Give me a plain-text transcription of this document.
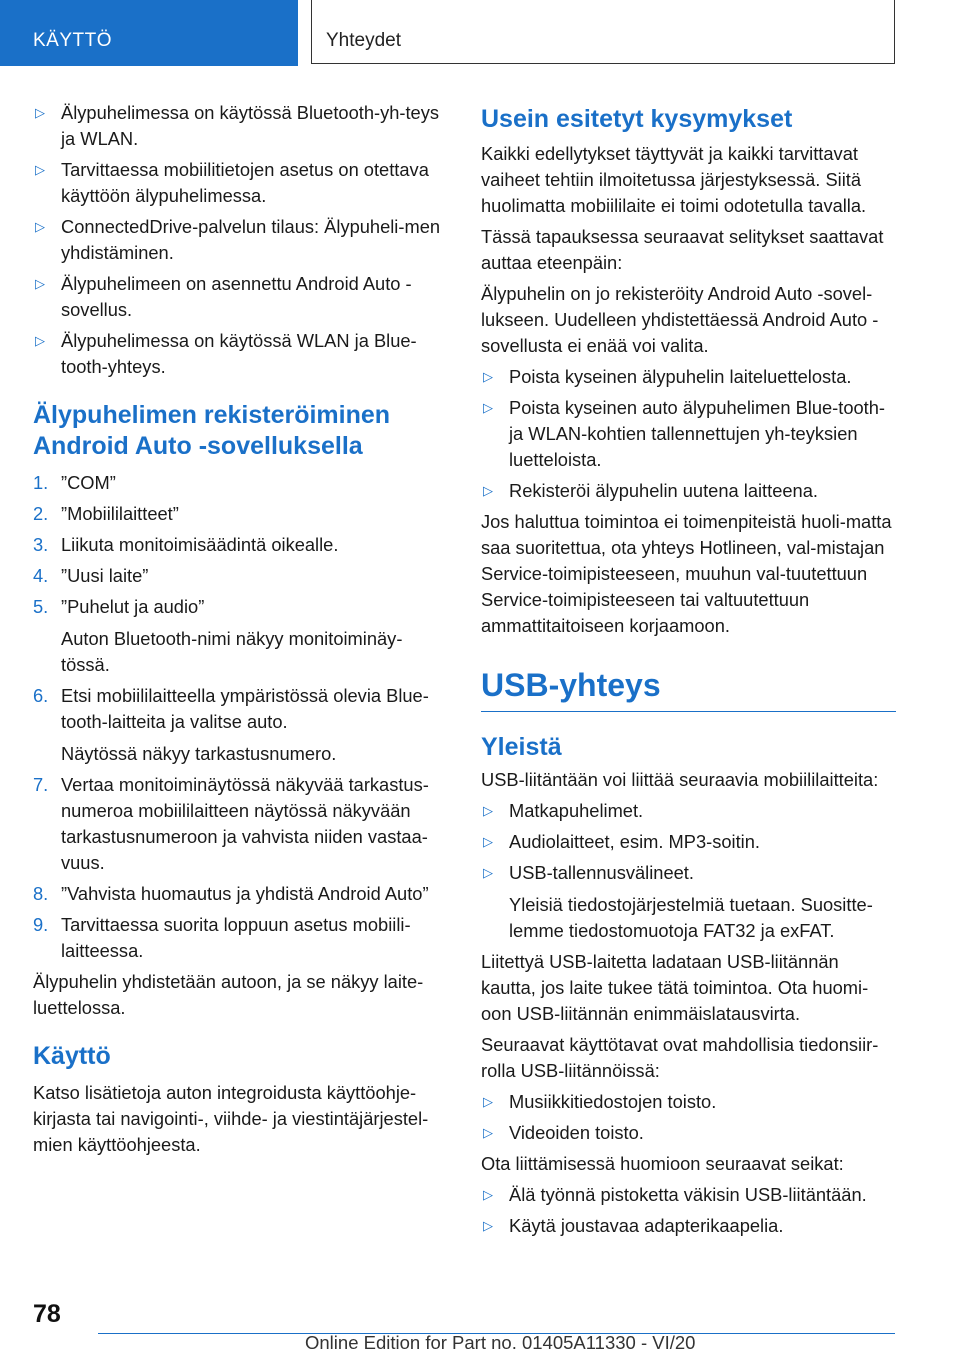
KÄYTTÖ	Yhteydet
▷ Älypuhelimessa on käytössä Bluetooth-yh‐teys ja WLAN.
▷ Tarvittaessa mobiilitietojen asetus on otettava käyttöön älypuhelimessa.
▷ ConnectedDrive-palvelun tilaus: Älypuheli‐men yhdistäminen.
▷ Älypuhelimeen on asennettu Android Auto -sovellus.
▷ Älypuhelimessa on käytössä WLAN ja Blue‐tooth-yhteys.
Älypuhelimen rekisteröiminen Android Auto -sovelluksella
1. ”COM”
2. ”Mobiililaitteet”
3. Liikuta monitoimisäädintä oikealle.
4. ”Uusi laite”
5. ”Puhelut ja audio”
Auton Bluetooth-nimi näkyy monitoiminäy‐tössä.
6. Etsi mobiililaitteella ympäristössä olevia Blue‐tooth-laitteita ja valitse auto.
Näytössä näkyy tarkastusnumero.
7. Vertaa monitoiminäytössä näkyvää tarkastus‐numeroa mobiililaitteen näytössä näkyvään tarkastusnumeroon ja vahvista niiden vastaa‐vuus.
8. ”Vahvista huomautus ja yhdistä Android Auto”
9. Tarvittaessa suorita loppuun asetus mobiili‐laitteessa.

Älypuhelin yhdistetään autoon, ja se näkyy laite‐luettelossa.

Käyttö

Katso lisätietoja auton integroidusta käyttöohje‐kirjasta tai navigointi-, viihde- ja viestintäjärjestel‐mien käyttöohjeesta.

Usein esitetyt kysymykset

Kaikki edellytykset täyttyvät ja kaikki tarvittavat vaiheet tehtiin ilmoitetussa järjestyksessä. Siitä huolimatta mobiililaite ei toimi odotetulla tavalla.

Tässä tapauksessa seuraavat selitykset saattavat auttaa eteenpäin:

Älypuhelin on jo rekisteröity Android Auto -sovel‐lukseen. Uudelleen yhdistettäessä Android Auto -sovellusta ei enää voi valita.

▷ Poista kyseinen älypuhelin laiteluettelosta.
▷ Poista kyseinen auto älypuhelimen Blue‐tooth- ja WLAN-kohtien tallennettujen yh‐teyksien luetteloista.
▷ Rekisteröi älypuhelin uutena laitteena.

Jos haluttua toimintoa ei toimenpiteistä huoli‐matta saa suoritettua, ota yhteys Hotlineen, val‐mistajan Service-toimipisteeseen, muuhun val‐tuutettuun Service-toimipisteeseen tai valtuutettuun ammattitaitoiseen korjaamoon.

USB-yhteys
Yleistä

USB-liitäntään voi liittää seuraavia mobiililaitteita:

▷ Matkapuhelimet.
▷ Audiolaitteet, esim. MP3-soitin.
▷ USB-tallennusvälineet.
Yleisiä tiedostojärjestelmiä tuetaan. Suositte‐lemme tiedostomuotoja FAT32 ja exFAT.

Liitettyä USB-laitetta ladataan USB-liitännän kautta, jos laite tukee tätä toimintoa. Ota huomi‐oon USB-liitännän enimmäislatausvirta.

Seuraavat käyttötavat ovat mahdollisia tiedonsiir‐rolla USB-liitännöissä:

▷ Musiikkitiedostojen toisto.
▷ Videoiden toisto.

Ota liittämisessä huomioon seuraavat seikat:

▷ Älä työnnä pistoketta väkisin USB-liitäntään.
▷ Käytä joustavaa adapterikaapelia.
78
Online Edition for Part no. 01405A11330 - VI/20
